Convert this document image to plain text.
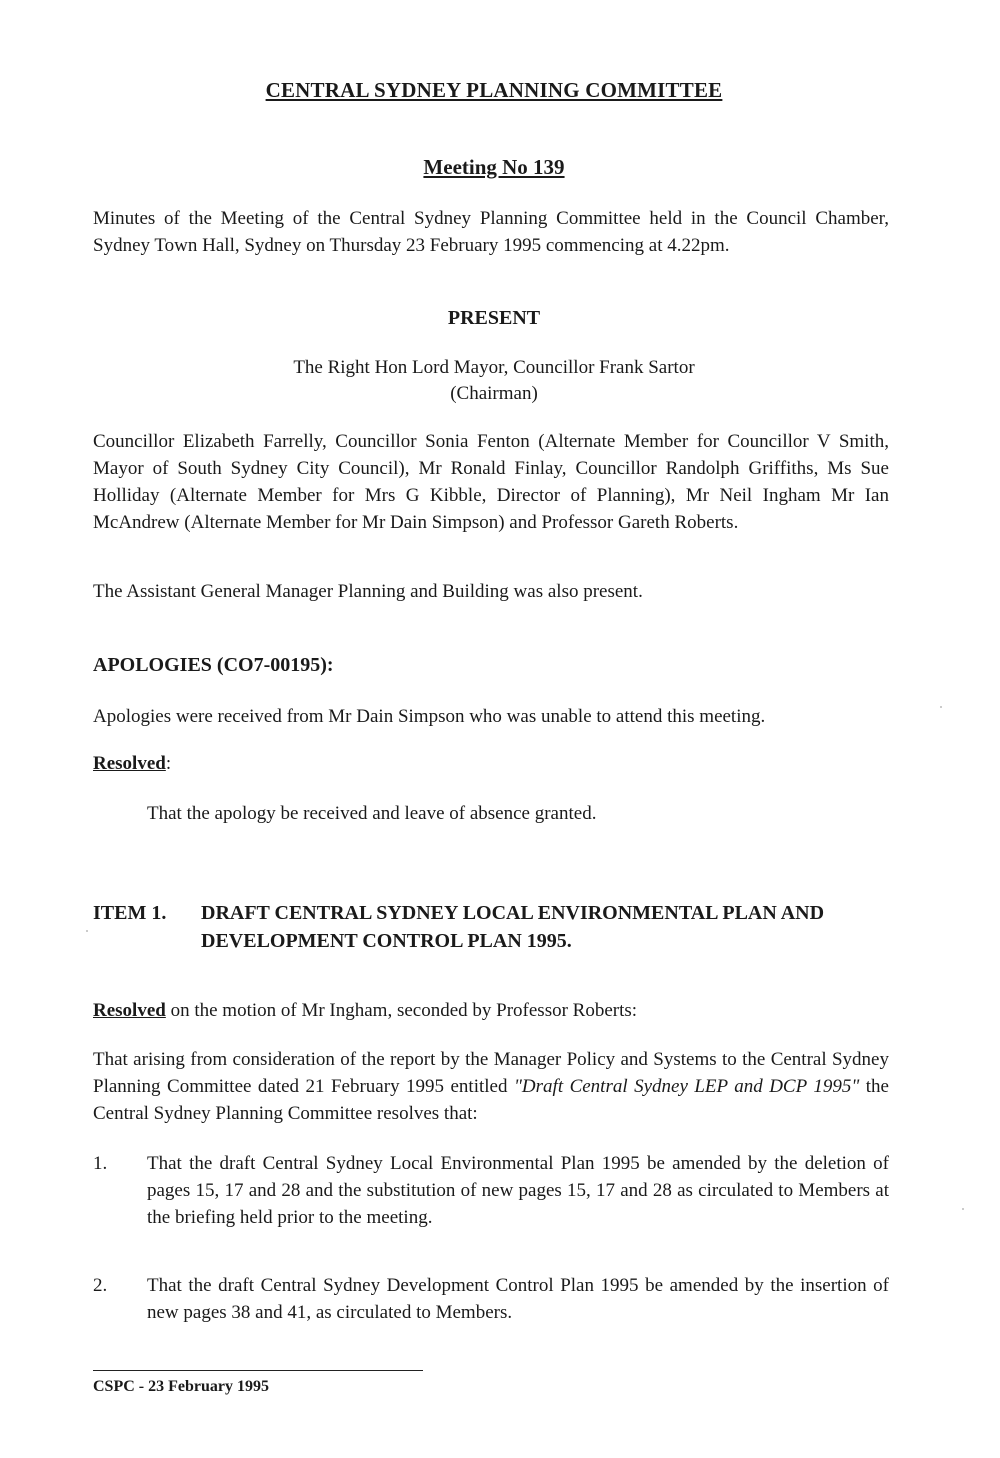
CENTRAL SYDNEY PLANNING COMMITTEE
Meeting No 139
Minutes of the Meeting of the Central Sydney Planning Committee held in the Council Chamber, Sydney Town Hall, Sydney on Thursday 23 February 1995 commencing at 4.22pm.
PRESENT
The Right Hon Lord Mayor, Councillor Frank Sartor
(Chairman)
Councillor Elizabeth Farrelly, Councillor Sonia Fenton (Alternate Member for Councillor V Smith, Mayor of South Sydney City Council), Mr Ronald Finlay, Councillor Randolph Griffiths, Ms Sue Holliday (Alternate Member for Mrs G Kibble, Director of Planning), Mr Neil Ingham Mr Ian McAndrew (Alternate Member for Mr Dain Simpson) and Professor Gareth Roberts.
The Assistant General Manager Planning and Building was also present.
APOLOGIES (CO7-00195):
Apologies were received from Mr Dain Simpson who was unable to attend this meeting.
Resolved:
That the apology be received and leave of absence granted.
ITEM 1. DRAFT CENTRAL SYDNEY LOCAL ENVIRONMENTAL PLAN AND
DEVELOPMENT CONTROL PLAN 1995.
Resolved on the motion of Mr Ingham, seconded by Professor Roberts:
That arising from consideration of the report by the Manager Policy and Systems to the Central Sydney Planning Committee dated 21 February 1995 entitled "Draft Central Sydney LEP and DCP 1995" the Central Sydney Planning Committee resolves that:
1. That the draft Central Sydney Local Environmental Plan 1995 be amended by the deletion of pages 15, 17 and 28 and the substitution of new pages 15, 17 and 28 as circulated to Members at the briefing held prior to the meeting.
2. That the draft Central Sydney Development Control Plan 1995 be amended by the insertion of new pages 38 and 41, as circulated to Members.
CSPC - 23 February 1995
